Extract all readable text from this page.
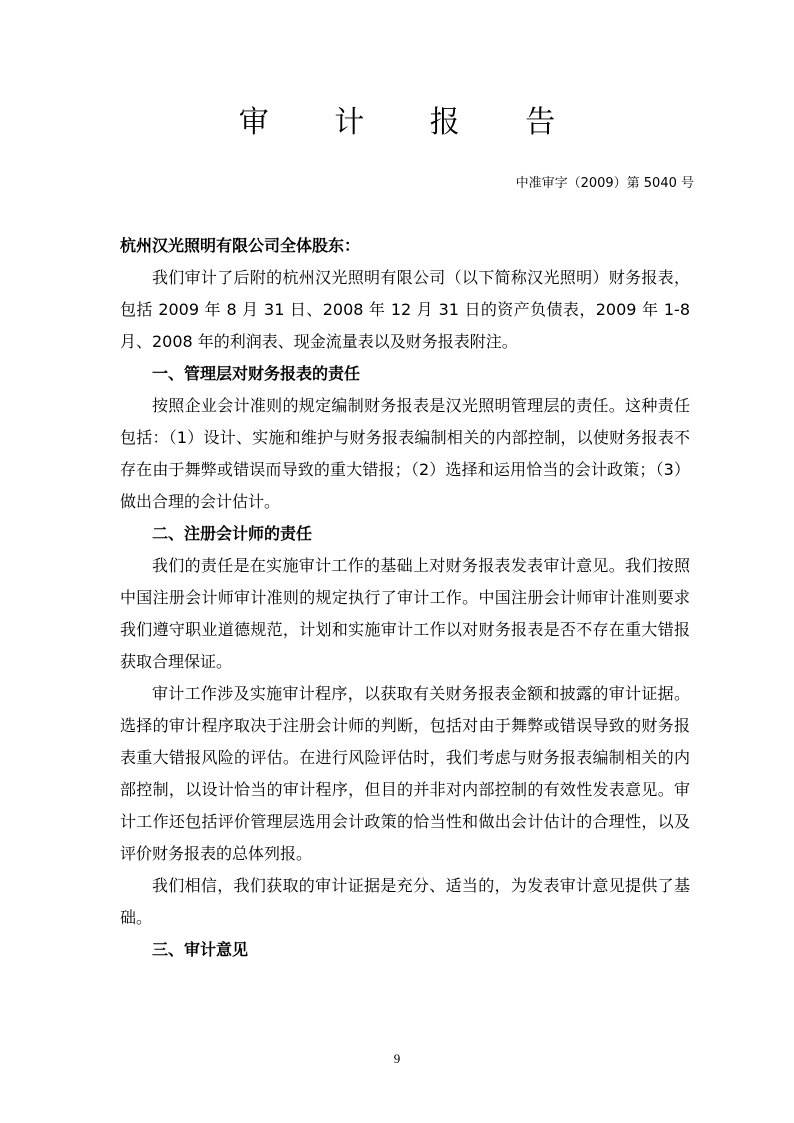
审 计 报 告
中准审字（2009）第 5040 号

杭州汉光照明有限公司全体股东：

我们审计了后附的杭州汉光照明有限公司（以下简称汉光照明）财务报表，包括 2009 年 8 月 31 日、2008 年 12 月 31 日的资产负债表，2009 年 1-8 月、2008 年的利润表、现金流量表以及财务报表附注。

一、管理层对财务报表的责任

按照企业会计准则的规定编制财务报表是汉光照明管理层的责任。这种责任包括：（1）设计、实施和维护与财务报表编制相关的内部控制，以使财务报表不存在由于舞弊或错误而导致的重大错报；（2）选择和运用恰当的会计政策；（3）做出合理的会计估计。

二、注册会计师的责任

我们的责任是在实施审计工作的基础上对财务报表发表审计意见。我们按照中国注册会计师审计准则的规定执行了审计工作。中国注册会计师审计准则要求我们遵守职业道德规范，计划和实施审计工作以对财务报表是否不存在重大错报获取合理保证。

审计工作涉及实施审计程序，以获取有关财务报表金额和披露的审计证据。选择的审计程序取决于注册会计师的判断，包括对由于舞弊或错误导致的财务报表重大错报风险的评估。在进行风险评估时，我们考虑与财务报表编制相关的内部控制，以设计恰当的审计程序，但目的并非对内部控制的有效性发表意见。审计工作还包括评价管理层选用会计政策的恰当性和做出会计估计的合理性，以及评价财务报表的总体列报。

我们相信，我们获取的审计证据是充分、适当的，为发表审计意见提供了基础。

三、审计意见

9
